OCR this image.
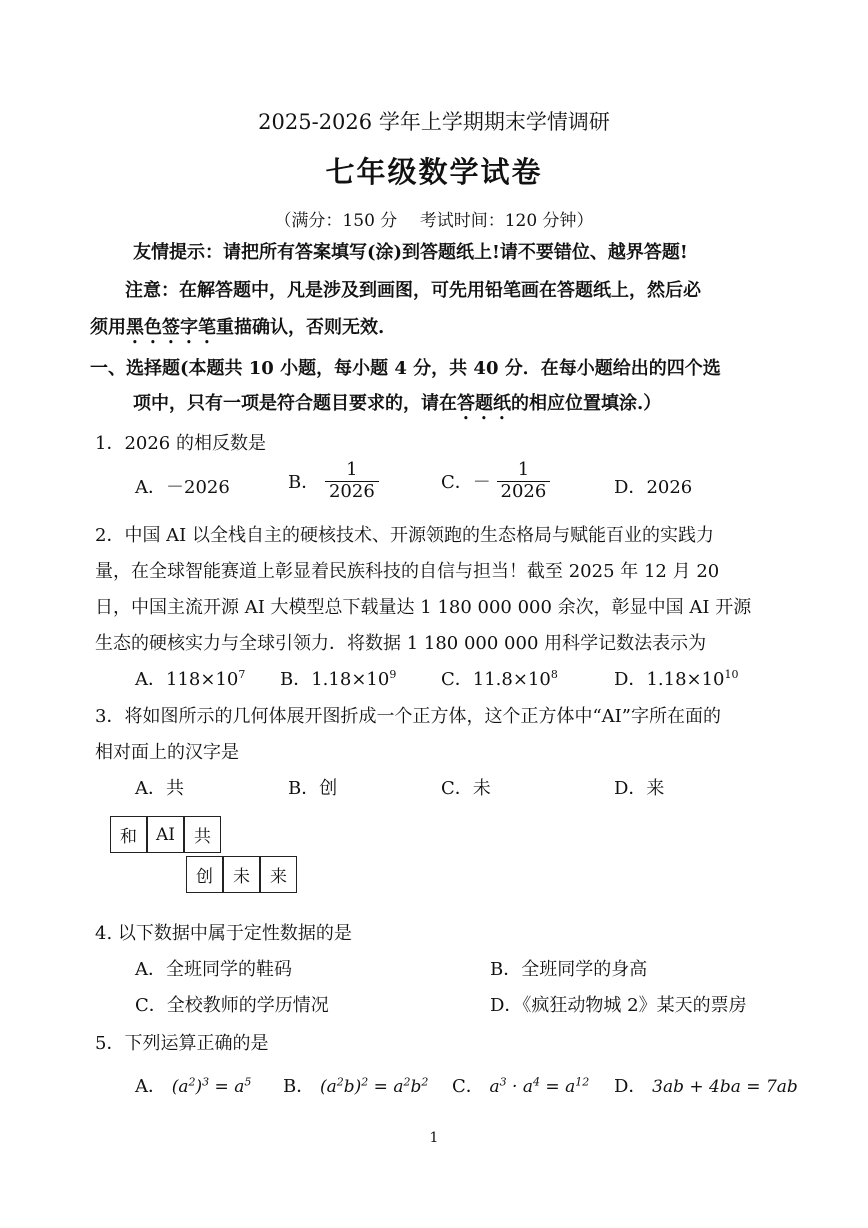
2025-2026 学年上学期期末学情调研
七年级数学试卷
（满分：150 分　 考试时间：120 分钟）
友情提示：请把所有答案填写(涂)到答题纸上!请不要错位、越界答题!
注意：在解答题中，凡是涉及到画图，可先用铅笔画在答题纸上，然后必
须用黑色签字笔重描确认，否则无效.
一、选择题(本题共 10 小题，每小题 4 分，共 40 分．在每小题给出的四个选
项中，只有一项是符合题目要求的，请在答题纸的相应位置填涂.）
1．2026 的相反数是
A．－2026	B． $\frac{1}{2026}$	C．－ $\frac{1}{2026}$	D．2026
2．中国 AI 以全栈自主的硬核技术、开源领跑的生态格局与赋能百业的实践力
量，在全球智能赛道上彰显着民族科技的自信与担当！截至 2025 年 12 月 20
日，中国主流开源 AI 大模型总下载量达 1 180 000 000 余次，彰显中国 AI 开源
生态的硬核实力与全球引领力．将数据 1 180 000 000 用科学记数法表示为
A．$118\times 10^7$ B．$1.18\times 10^9$ C．$11.8\times 10^8$	D．$1.18\times 10^{10}$
3．将如图所示的几何体展开图折成一个正方体，这个正方体中“AI”字所在面的
相对面上的汉字是
A．共	B．创	C．未	D．来
和	AI	共
创	未	来
4. 以下数据中属于定性数据的是
A．全班同学的鞋码	B．全班同学的身高
C．全校教师的学历情况	D．《疯狂动物城 2》某天的票房
5．下列运算正确的是
A． $(a^2)^3 = a^5$ B． $(a^2b)^2 = a^2b^2$ C． $a^3 \cdot a^4 = a^{12}$ D． 3ab + 4ba = 7ab
1
